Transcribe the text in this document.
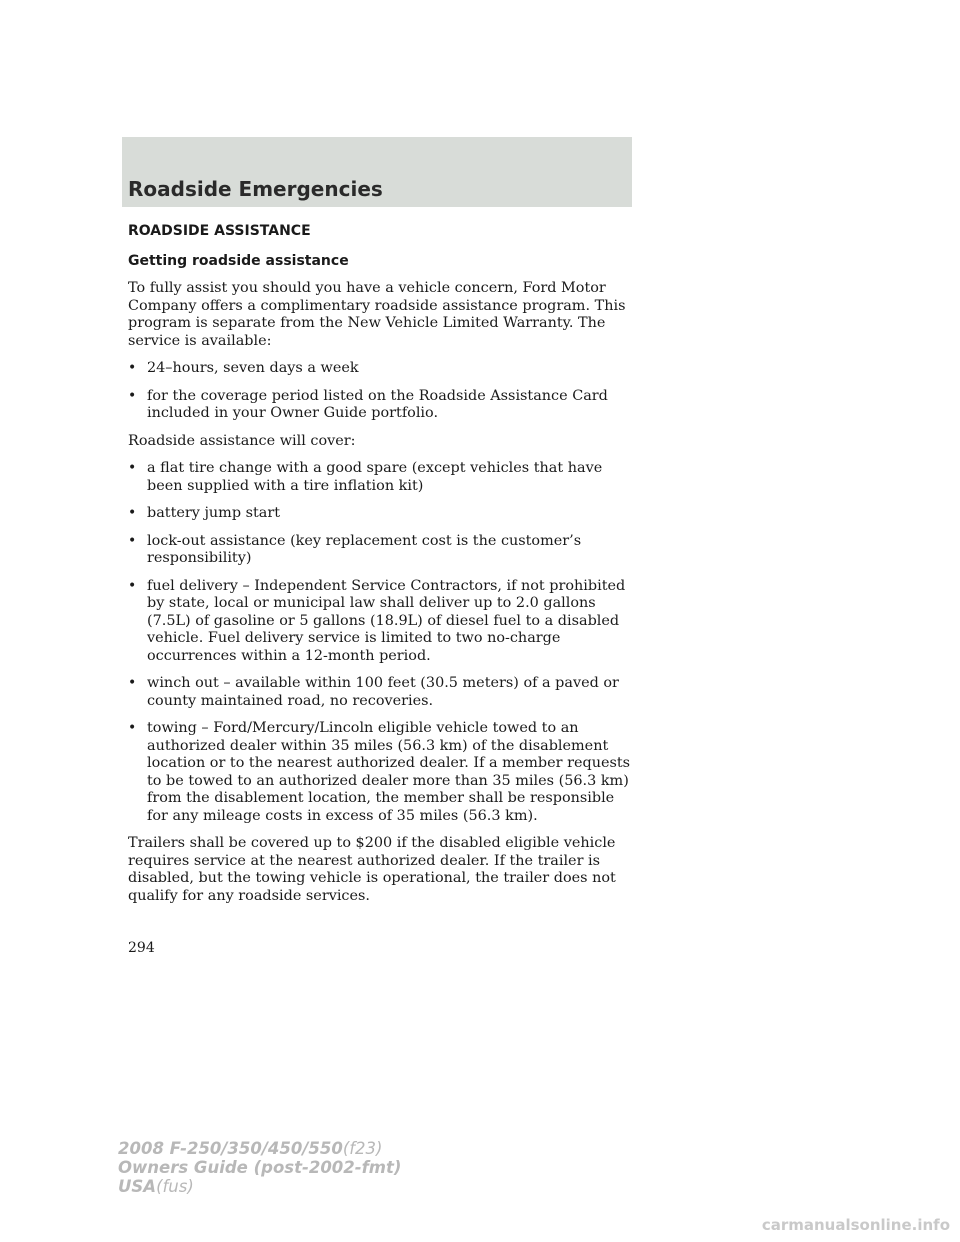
Roadside Emergencies
ROADSIDE ASSISTANCE
Getting roadside assistance

To fully assist you should you have a vehicle concern, Ford Motor Company offers a complimentary roadside assistance program. This program is separate from the New Vehicle Limited Warranty. The service is available:

• 24–hours, seven days a week
• for the coverage period listed on the Roadside Assistance Card included in your Owner Guide portfolio.

Roadside assistance will cover:

• a flat tire change with a good spare (except vehicles that have been supplied with a tire inflation kit)
• battery jump start
• lock-out assistance (key replacement cost is the customer’s responsibility)
• fuel delivery – Independent Service Contractors, if not prohibited by state, local or municipal law shall deliver up to 2.0 gallons (7.5L) of gasoline or 5 gallons (18.9L) of diesel fuel to a disabled vehicle. Fuel delivery service is limited to two no-charge occurrences within a 12-month period.
• winch out – available within 100 feet (30.5 meters) of a paved or county maintained road, no recoveries.
• towing – Ford/Mercury/Lincoln eligible vehicle towed to an authorized dealer within 35 miles (56.3 km) of the disablement location or to the nearest authorized dealer. If a member requests to be towed to an authorized dealer more than 35 miles (56.3 km) from the disablement location, the member shall be responsible for any mileage costs in excess of 35 miles (56.3 km).

Trailers shall be covered up to $200 if the disabled eligible vehicle requires service at the nearest authorized dealer. If the trailer is disabled, but the towing vehicle is operational, the trailer does not qualify for any roadside services.

294
2008 F-250/350/450/550(f23)
Owners Guide (post-2002-fmt)
USA(fus)
carmanualsonline.info
